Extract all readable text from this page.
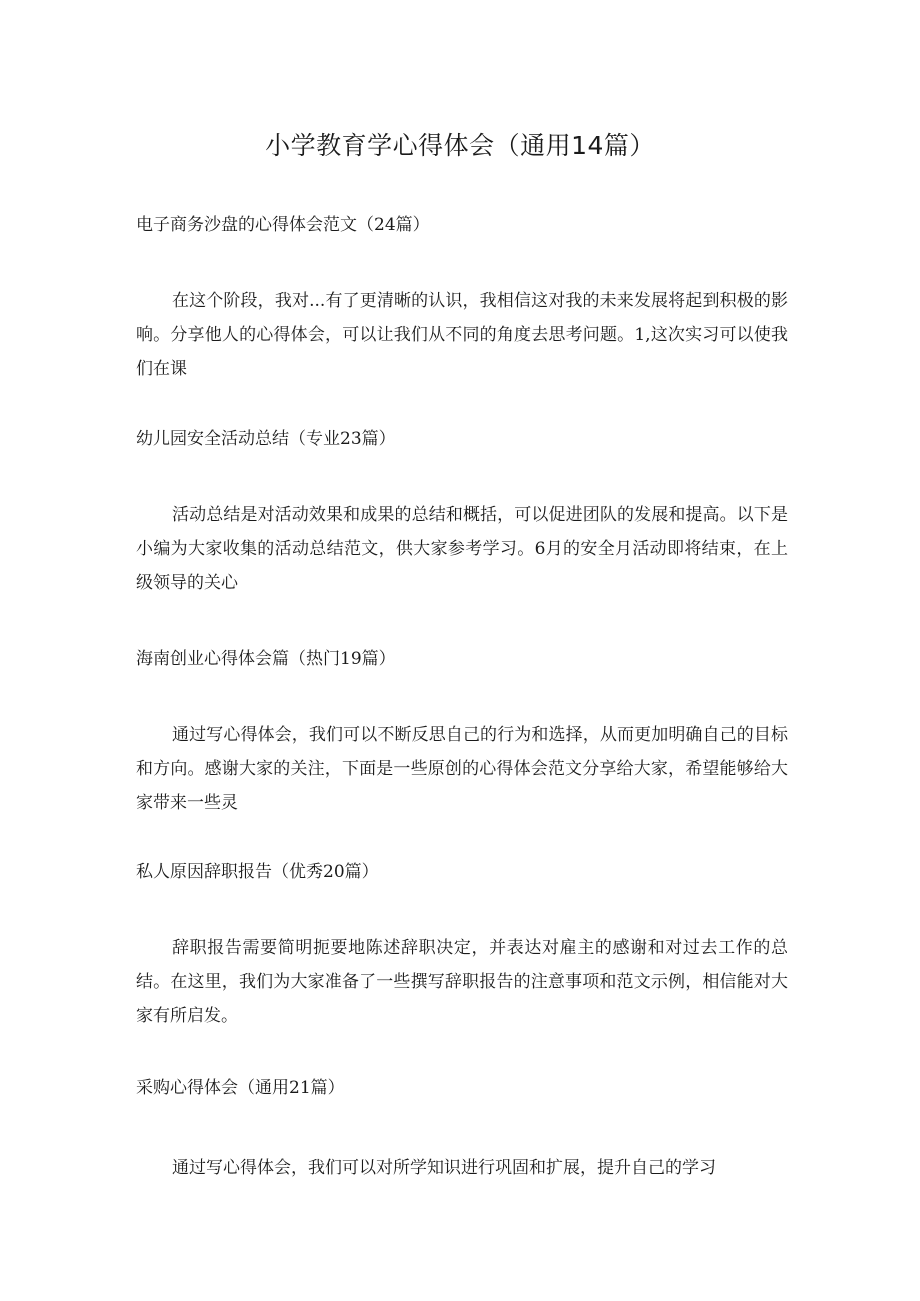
小学教育学心得体会（通用14篇）
电子商务沙盘的心得体会范文（24篇）

在这个阶段，我对...有了更清晰的认识，我相信这对我的未来发展将起到积极的影响。分享他人的心得体会，可以让我们从不同的角度去思考问题。1,这次实习可以使我们在课

幼儿园安全活动总结（专业23篇）

活动总结是对活动效果和成果的总结和概括，可以促进团队的发展和提高。以下是小编为大家收集的活动总结范文，供大家参考学习。6月的安全月活动即将结束，在上级领导的关心

海南创业心得体会篇（热门19篇）

通过写心得体会，我们可以不断反思自己的行为和选择，从而更加明确自己的目标和方向。感谢大家的关注，下面是一些原创的心得体会范文分享给大家，希望能够给大家带来一些灵

私人原因辞职报告（优秀20篇）

辞职报告需要简明扼要地陈述辞职决定，并表达对雇主的感谢和对过去工作的总结。在这里，我们为大家准备了一些撰写辞职报告的注意事项和范文示例，相信能对大家有所启发。

采购心得体会（通用21篇）

通过写心得体会，我们可以对所学知识进行巩固和扩展，提升自己的学习
